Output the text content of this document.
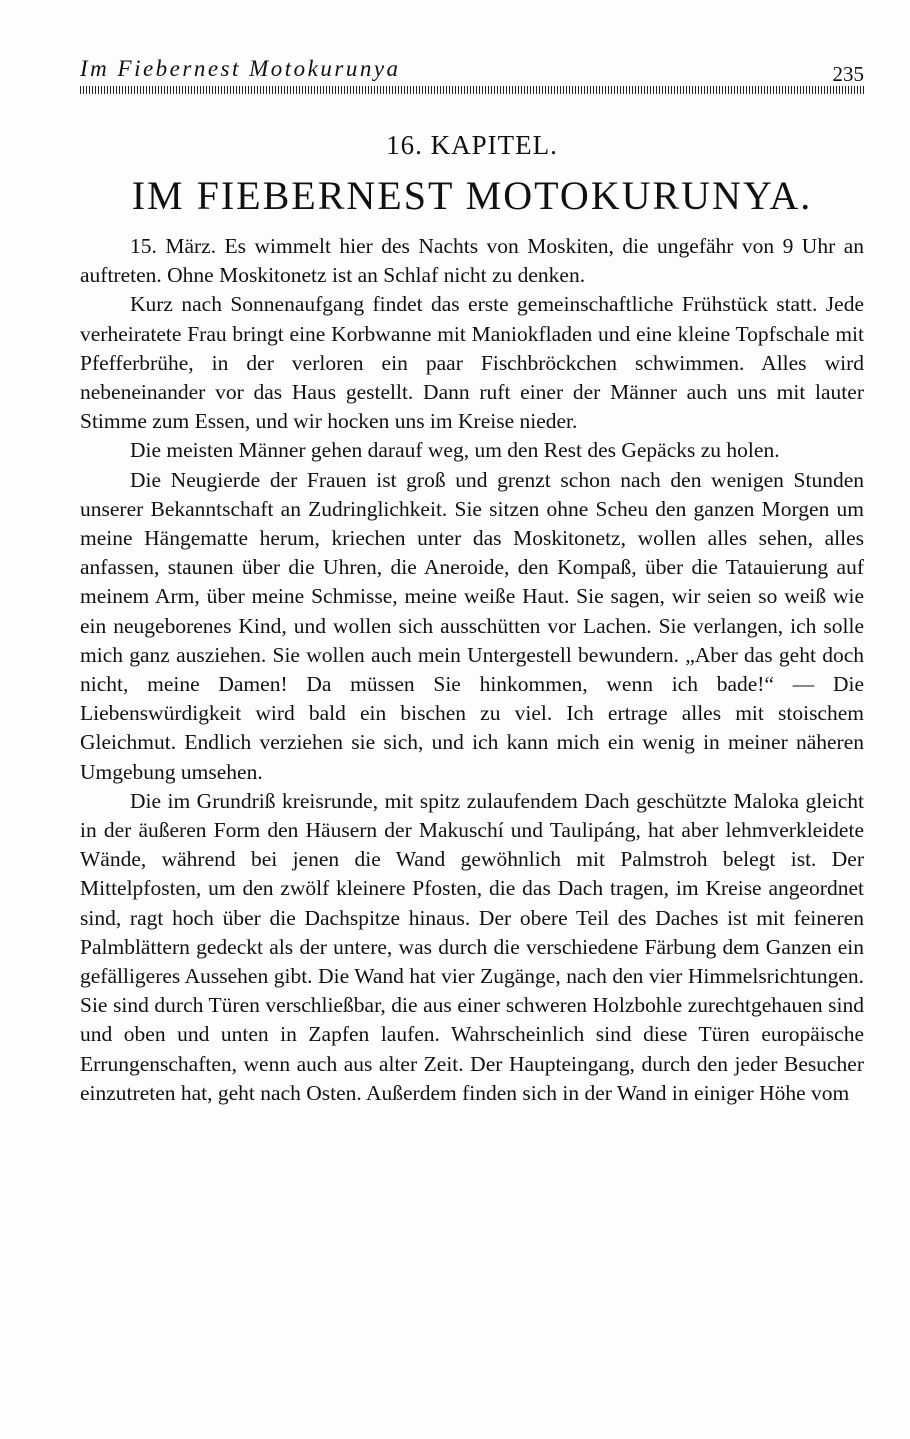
Im Fiebernest Motokurunya	235
16. KAPITEL.
IM FIEBERNEST MOTOKURUNYA.

15. März. Es wimmelt hier des Nachts von Moskiten, die ungefähr von 9 Uhr an auftreten. Ohne Moskitonetz ist an Schlaf nicht zu denken.

Kurz nach Sonnenaufgang findet das erste gemeinschaftliche Frühstück statt. Jede verheiratete Frau bringt eine Korbwanne mit Maniokfladen und eine kleine Topfschale mit Pfefferbrühe, in der verloren ein paar Fischbröckchen schwimmen. Alles wird nebeneinander vor das Haus gestellt. Dann ruft einer der Männer auch uns mit lauter Stimme zum Essen, und wir hocken uns im Kreise nieder.

Die meisten Männer gehen darauf weg, um den Rest des Gepäcks zu holen.

Die Neugierde der Frauen ist groß und grenzt schon nach den wenigen Stunden unserer Bekanntschaft an Zudringlichkeit. Sie sitzen ohne Scheu den ganzen Morgen um meine Hängematte herum, kriechen unter das Moskitonetz, wollen alles sehen, alles anfassen, staunen über die Uhren, die Aneroide, den Kompaß, über die Tatauierung auf meinem Arm, über meine Schmisse, meine weiße Haut. Sie sagen, wir seien so weiß wie ein neugeborenes Kind, und wollen sich ausschütten vor Lachen. Sie verlangen, ich solle mich ganz ausziehen. Sie wollen auch mein Untergestell bewundern. „Aber das geht doch nicht, meine Damen! Da müssen Sie hinkommen, wenn ich bade!“ — Die Liebenswürdigkeit wird bald ein bischen zu viel. Ich ertrage alles mit stoischem Gleichmut. Endlich verziehen sie sich, und ich kann mich ein wenig in meiner näheren Umgebung umsehen.

Die im Grundriß kreisrunde, mit spitz zulaufendem Dach geschützte Maloka gleicht in der äußeren Form den Häusern der Makuschí und Taulipáng, hat aber lehmverkleidete Wände, während bei jenen die Wand gewöhnlich mit Palmstroh belegt ist. Der Mittelpfosten, um den zwölf kleinere Pfosten, die das Dach tragen, im Kreise angeordnet sind, ragt hoch über die Dachspitze hinaus. Der obere Teil des Daches ist mit feineren Palmblättern gedeckt als der untere, was durch die verschiedene Färbung dem Ganzen ein gefälligeres Aussehen gibt. Die Wand hat vier Zugänge, nach den vier Himmelsrichtungen. Sie sind durch Türen verschließbar, die aus einer schweren Holzbohle zurechtgehauen sind und oben und unten in Zapfen laufen. Wahrscheinlich sind diese Türen europäische Errungenschaften, wenn auch aus alter Zeit. Der Haupteingang, durch den jeder Besucher einzutreten hat, geht nach Osten. Außerdem finden sich in der Wand in einiger Höhe vom
